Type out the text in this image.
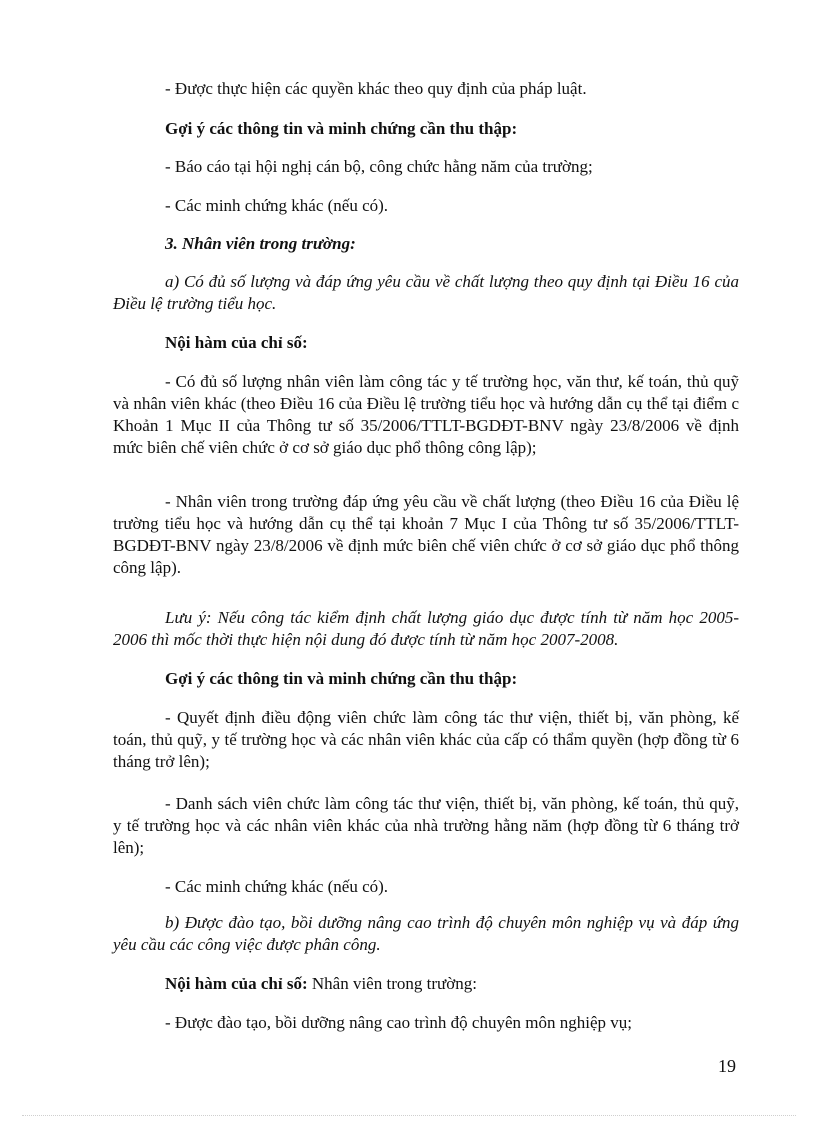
- Được thực hiện các quyền khác theo quy định của pháp luật.

Gợi ý các thông tin và minh chứng cần thu thập:

- Báo cáo tại hội nghị cán bộ, công chức hằng năm của trường;

- Các minh chứng khác (nếu có).

3. Nhân viên trong trường:

a) Có đủ số lượng và đáp ứng yêu cầu về chất lượng theo quy định tại Điều 16 của Điều lệ trường tiểu học.

Nội hàm của chỉ số:

- Có đủ số lượng nhân viên làm công tác y tế trường học, văn thư, kế toán, thủ quỹ và nhân viên khác (theo Điều 16 của Điều lệ trường tiểu học và hướng dẫn cụ thể tại điểm c Khoản 1 Mục II của Thông tư số 35/2006/TTLT-BGDĐT-BNV ngày 23/8/2006 về định mức biên chế viên chức ở cơ sở giáo dục phổ thông công lập);

- Nhân viên trong trường đáp ứng yêu cầu về chất lượng (theo Điều 16 của Điều lệ trường tiểu học và hướng dẫn cụ thể tại khoản 7 Mục I của Thông tư số 35/2006/TTLT-BGDĐT-BNV ngày 23/8/2006 về định mức biên chế viên chức ở cơ sở giáo dục phổ thông công lập).

Lưu ý: Nếu công tác kiểm định chất lượng giáo dục được tính từ năm học 2005-2006 thì mốc thời thực hiện nội dung đó được tính từ năm học 2007-2008.

Gợi ý các thông tin và minh chứng cần thu thập:

- Quyết định điều động viên chức làm công tác thư viện, thiết bị, văn phòng, kế toán, thủ quỹ, y tế trường học và các nhân viên khác của cấp có thẩm quyền (hợp đồng từ 6 tháng trở lên);

- Danh sách viên chức làm công tác thư viện, thiết bị, văn phòng, kế toán, thủ quỹ, y tế trường học và các nhân viên khác của nhà trường hằng năm (hợp đồng từ 6 tháng trở lên);

- Các minh chứng khác (nếu có).

b) Được đào tạo, bồi dưỡng nâng cao trình độ chuyên môn nghiệp vụ và đáp ứng yêu cầu các công việc được phân công.

Nội hàm của chỉ số: Nhân viên trong trường:

- Được đào tạo, bồi dưỡng nâng cao trình độ chuyên môn nghiệp vụ;

19
